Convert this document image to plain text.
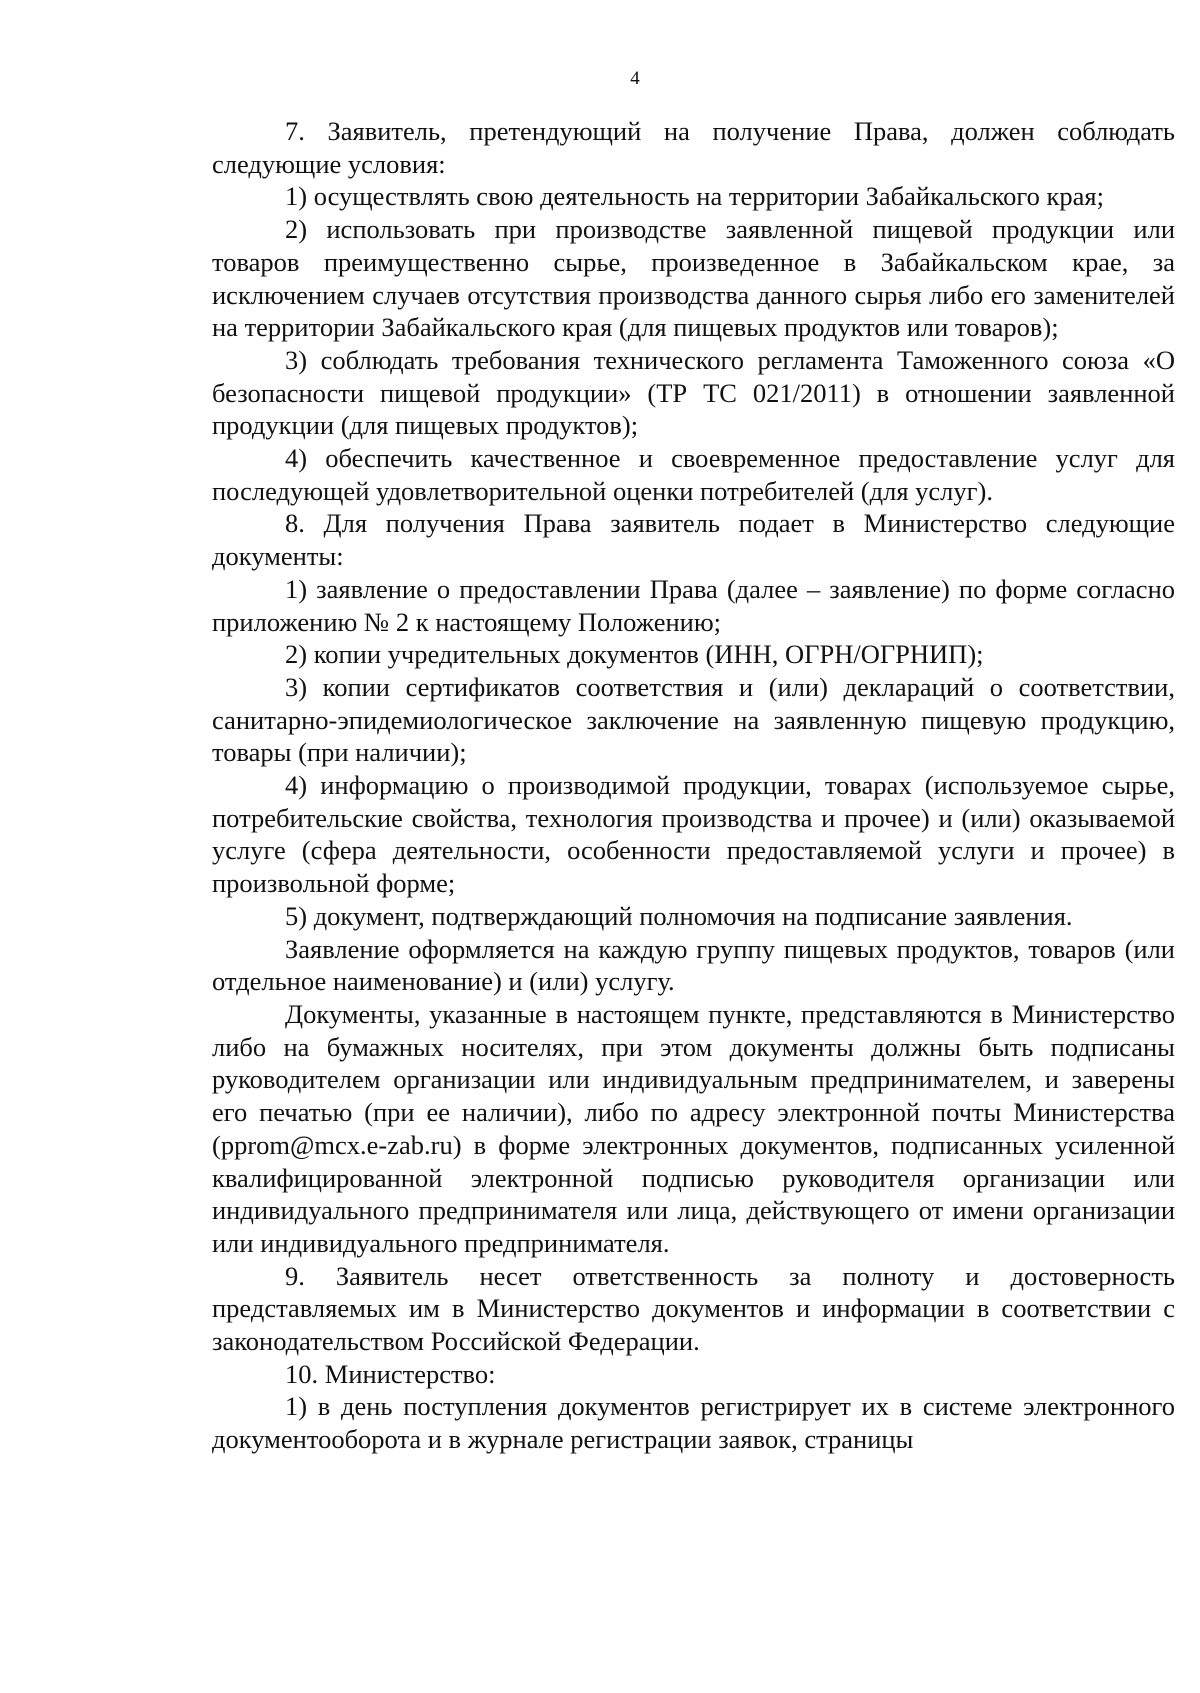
4

7. Заявитель, претендующий на получение Права, должен соблюдать следующие условия:

1) осуществлять свою деятельность на территории Забайкальского края;

2) использовать при производстве заявленной пищевой продукции или товаров преимущественно сырье, произведенное в Забайкальском крае, за исключением случаев отсутствия производства данного сырья либо его заменителей на территории Забайкальского края (для пищевых продуктов или товаров);

3) соблюдать требования технического регламента Таможенного союза «О безопасности пищевой продукции» (ТР ТС 021/2011) в отношении заявленной продукции (для пищевых продуктов);

4) обеспечить качественное и своевременное предоставление услуг для последующей удовлетворительной оценки потребителей (для услуг).

8. Для получения Права заявитель подает в Министерство следующие документы:

1) заявление о предоставлении Права (далее – заявление) по форме согласно приложению № 2 к настоящему Положению;

2) копии учредительных документов (ИНН, ОГРН/ОГРНИП);

3) копии сертификатов соответствия и (или) деклараций о соответствии, санитарно-эпидемиологическое заключение на заявленную пищевую продукцию, товары (при наличии);

4) информацию о производимой продукции, товарах (используемое сырье, потребительские свойства, технология производства и прочее) и (или) оказываемой услуге (сфера деятельности, особенности предоставляемой услуги и прочее) в произвольной форме;

5) документ, подтверждающий полномочия на подписание заявления.

Заявление оформляется на каждую группу пищевых продуктов, товаров (или отдельное наименование) и (или) услугу.

Документы, указанные в настоящем пункте, представляются в Министерство либо на бумажных носителях, при этом документы должны быть подписаны руководителем организации или индивидуальным предпринимателем, и заверены его печатью (при ее наличии), либо по адресу электронной почты Министерства (pprom@mcx.e-zab.ru) в форме электронных документов, подписанных усиленной квалифицированной электронной подписью руководителя организации или индивидуального предпринимателя или лица, действующего от имени организации или индивидуального предпринимателя.

9. Заявитель несет ответственность за полноту и достоверность представляемых им в Министерство документов и информации в соответствии с законодательством Российской Федерации.

10. Министерство:

1) в день поступления документов регистрирует их в системе электронного документооборота и в журнале регистрации заявок, страницы
